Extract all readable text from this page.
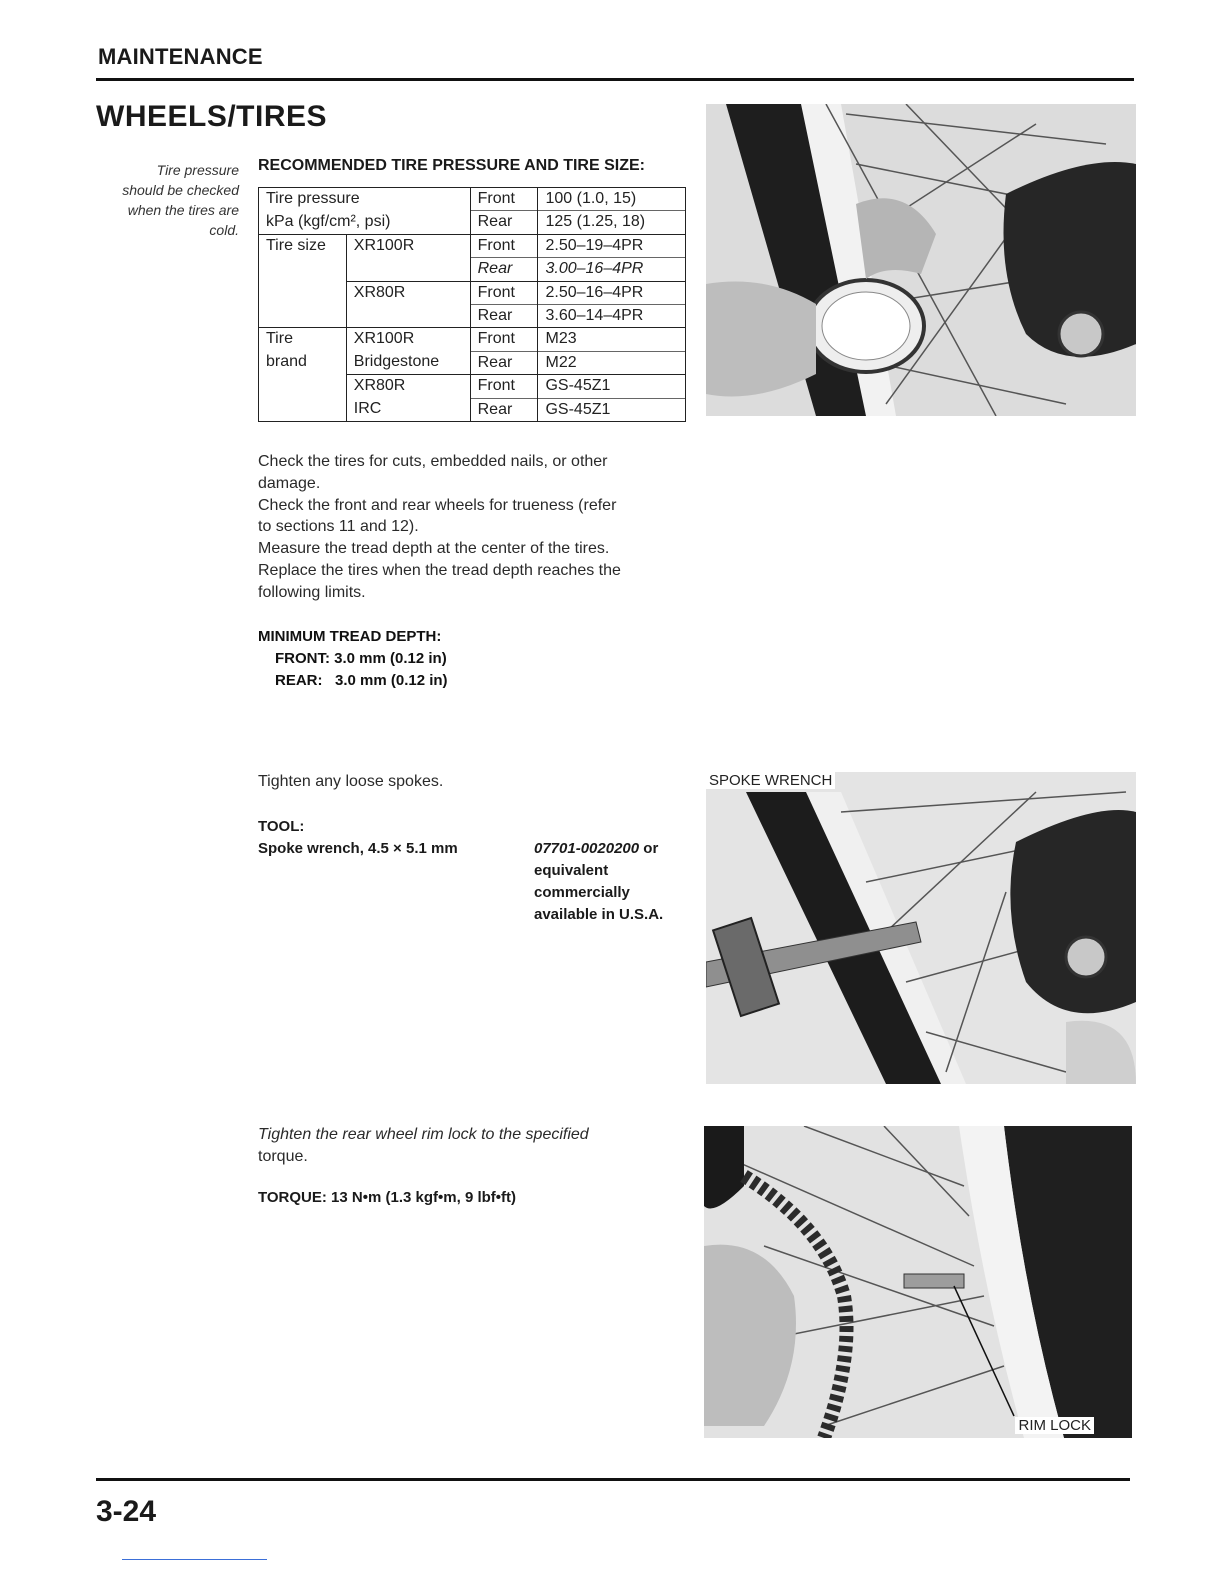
MAINTENANCE
WHEELS/TIRES
Tire pressure
should be checked
when the tires are
cold.
RECOMMENDED TIRE PRESSURE AND TIRE SIZE:
Tire pressure		Front	100 (1.0, 15)
kPa (kgf/cm², psi)		Rear	125 (1.25, 18)
Tire size	XR100R	Front	2.50–19–4PR
		Rear	3.00–16–4PR
	XR80R	Front	2.50–16–4PR
		Rear	3.60–14–4PR
Tire	XR100R	Front	M23
brand	Bridgestone	Rear	M22
	XR80R	Front	GS-45Z1
	IRC	Rear	GS-45Z1
Check the tires for cuts, embedded nails, or other
damage.
Check the front and rear wheels for trueness (refer
to sections 11 and 12).
Measure the tread depth at the center of the tires.
Replace the tires when the tread depth reaches the
following limits.
MINIMUM TREAD DEPTH:
FRONT: 3.0 mm (0.12 in)
REAR:   3.0 mm (0.12 in)
Tighten any loose spokes.
TOOL:
Spoke wrench, 4.5 × 5.1 mm	07701-0020200 or
equivalent
commercially
available in U.S.A.
Tighten the rear wheel rim lock to the specified
torque.
TORQUE: 13 N•m (1.3 kgf•m, 9 lbf•ft)
SPOKE WRENCH
RIM LOCK
3-24
